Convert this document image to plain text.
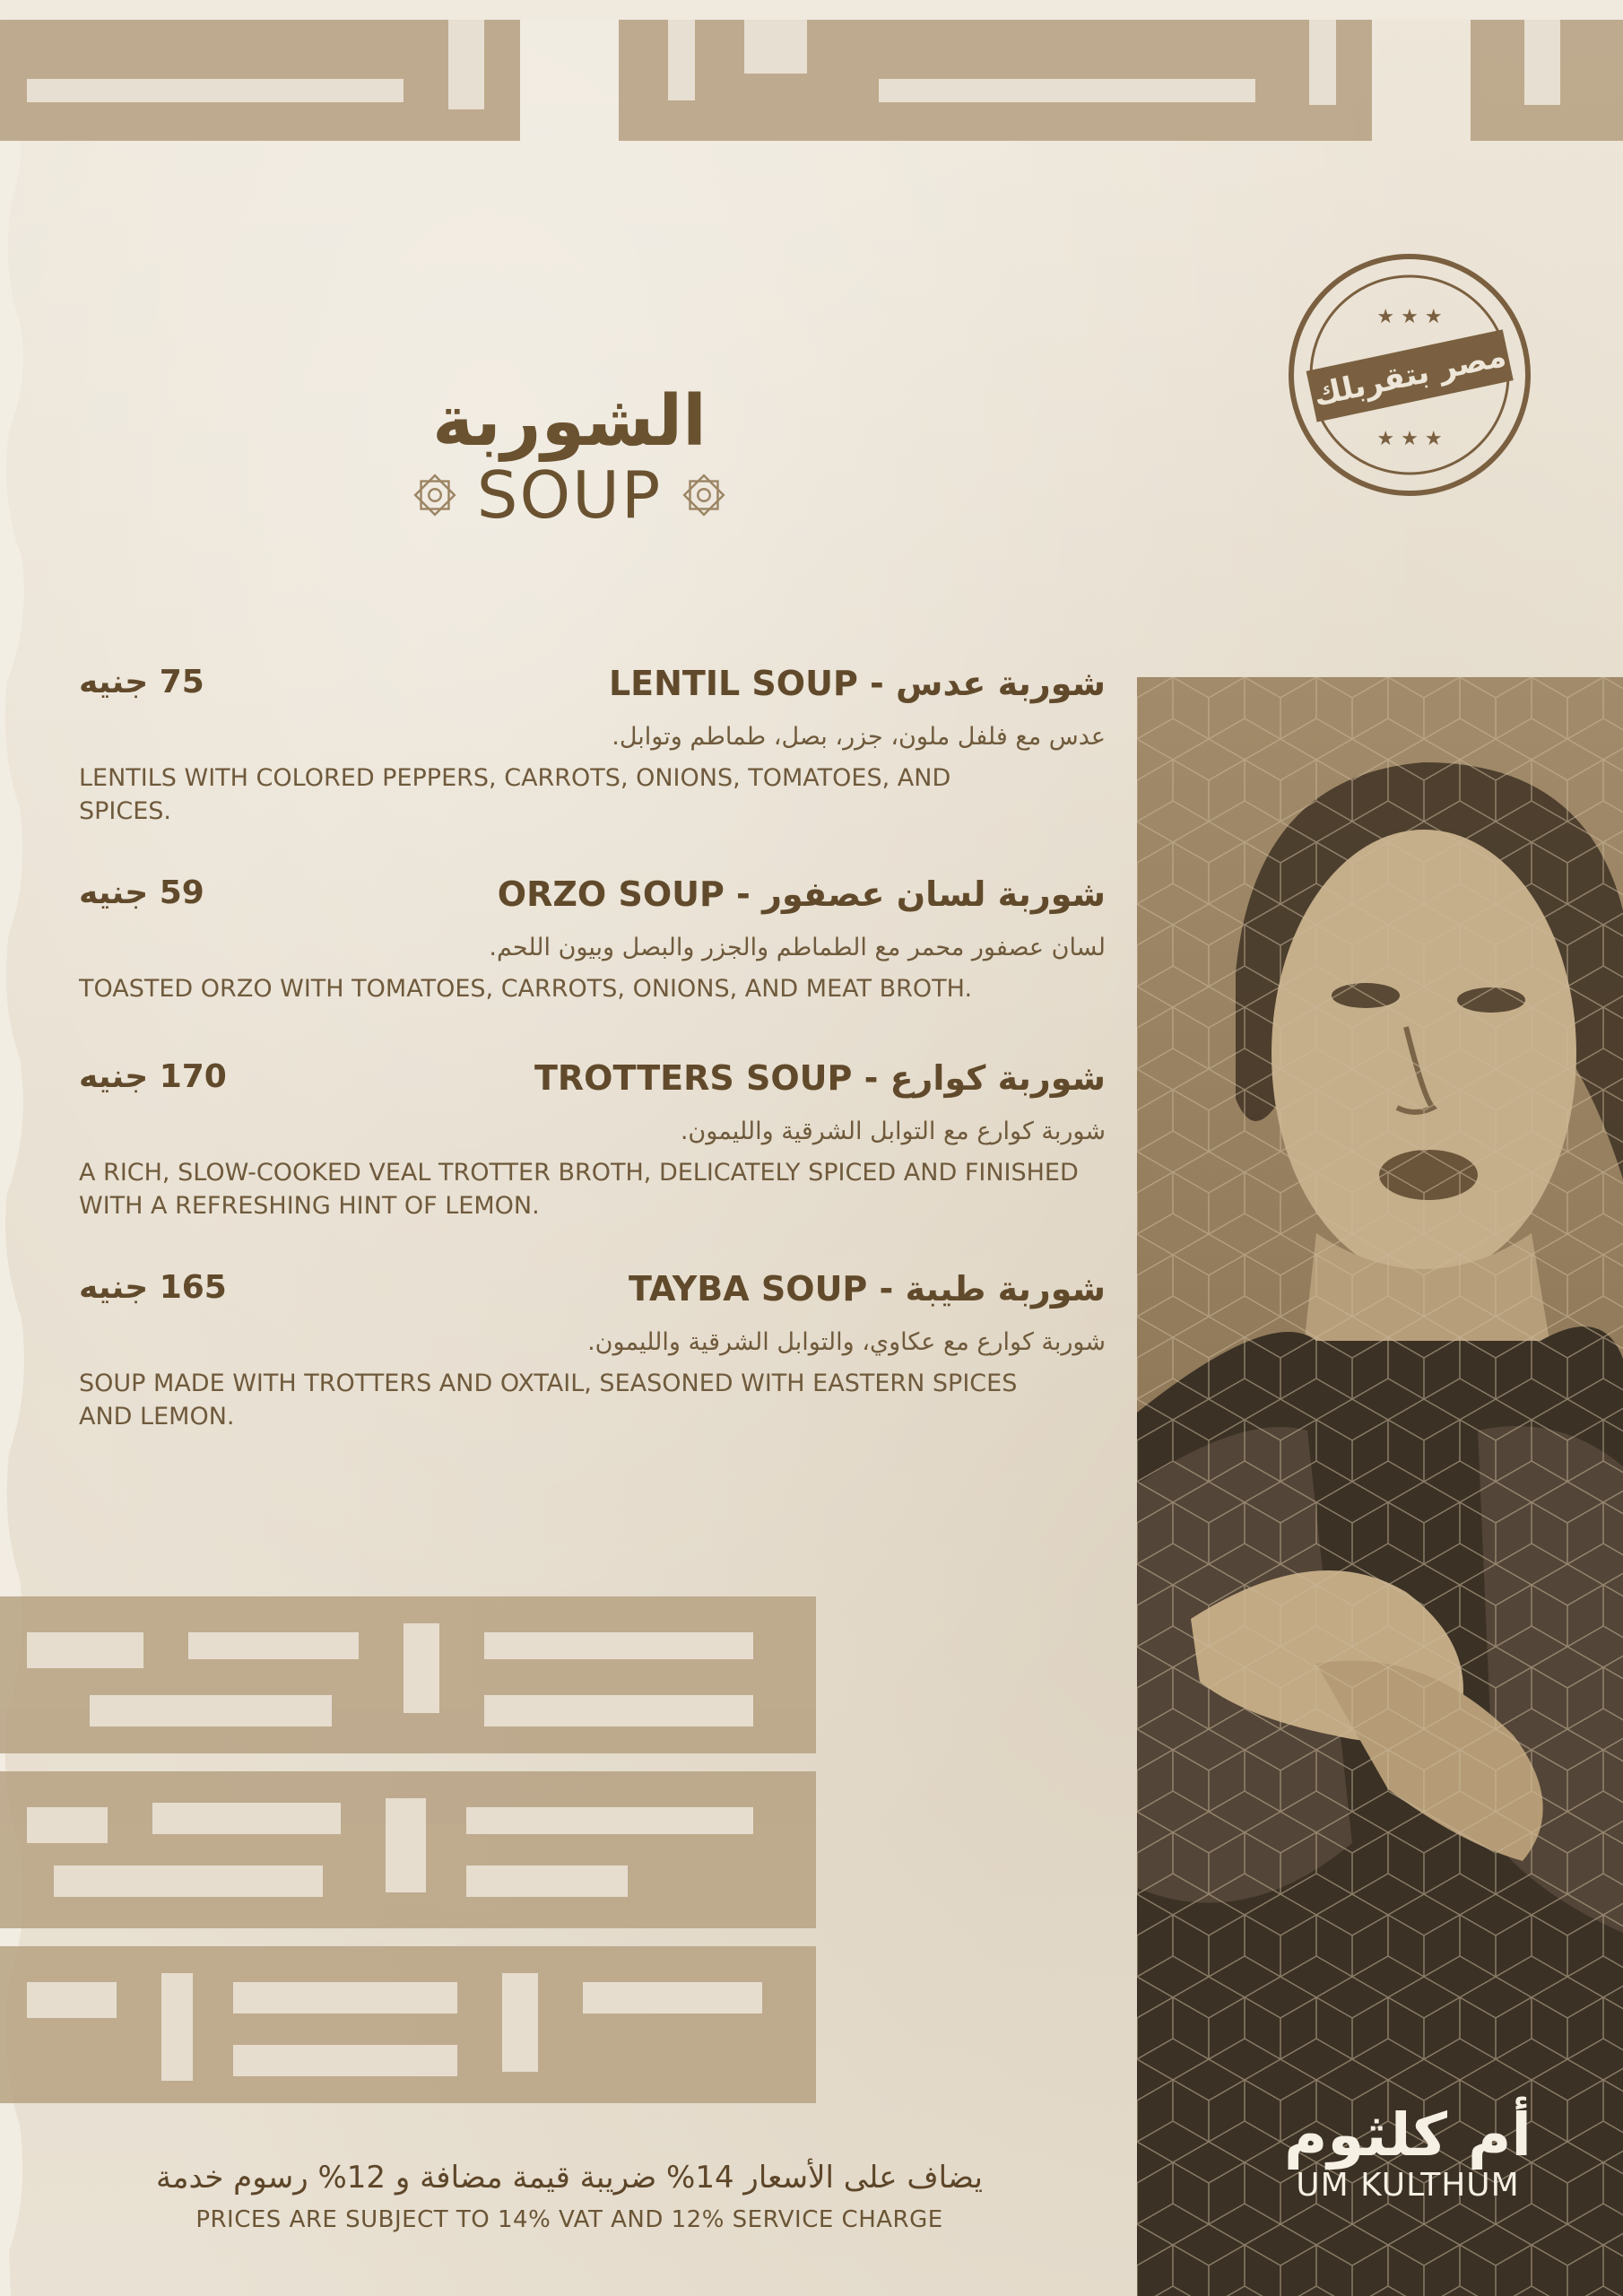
★ ★ ★
★ ★ ★
مصر بتقربلك
الشوربة
SOUP
أم كلثوم
UM KULTHUM
LENTIL SOUP - شوربة عدس
75 جنيه
عدس مع فلفل ملون، جزر، بصل، طماطم وتوابل.
LENTILS WITH COLORED PEPPERS, CARROTS, ONIONS, TOMATOES, AND SPICES.
ORZO SOUP - شوربة لسان عصفور
59 جنيه
لسان عصفور محمر مع الطماطم والجزر والبصل وبيون اللحم.
TOASTED ORZO WITH TOMATOES, CARROTS, ONIONS, AND MEAT BROTH.
TROTTERS SOUP - شوربة كوارع
170 جنيه
شوربة كوارع مع التوابل الشرقية والليمون.
A RICH, SLOW-COOKED VEAL TROTTER BROTH, DELICATELY SPICED AND FINISHED WITH A REFRESHING HINT OF LEMON.
TAYBA SOUP - شوربة طيبة
165 جنيه
شوربة كوارع مع عكاوي، والتوابل الشرقية والليمون.
SOUP MADE WITH TROTTERS AND OXTAIL, SEASONED WITH EASTERN SPICES AND LEMON.
يضاف على الأسعار 14% ضريبة قيمة مضافة و 12% رسوم خدمة
PRICES ARE SUBJECT TO 14% VAT AND 12% SERVICE CHARGE
